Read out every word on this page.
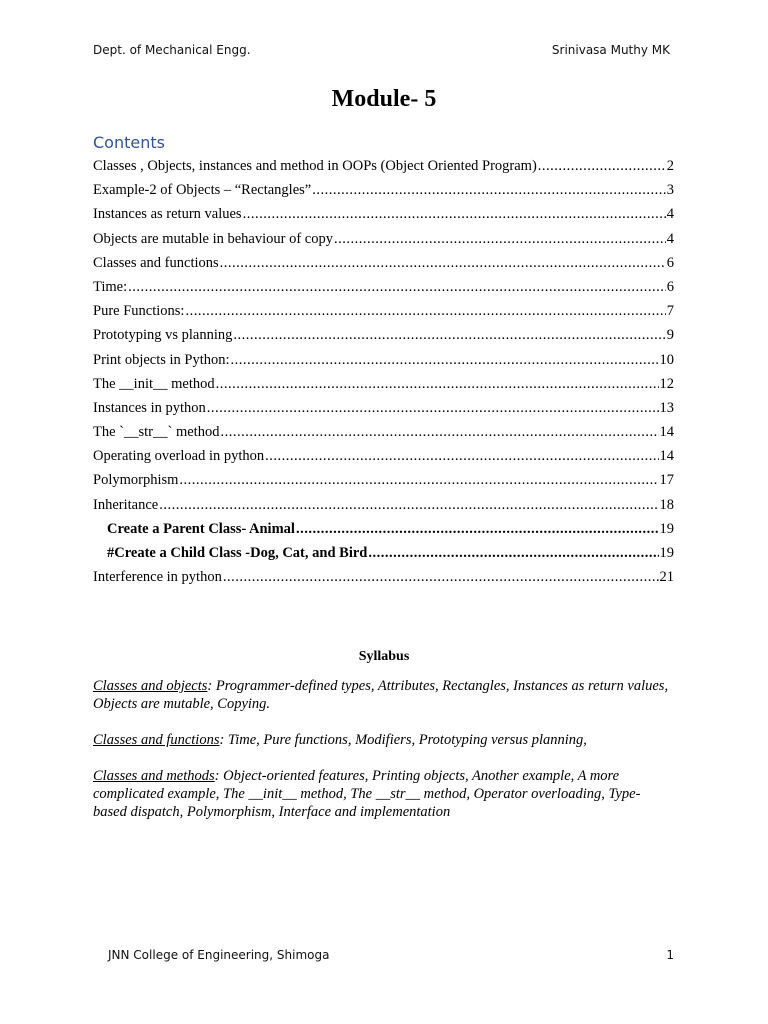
Dept. of Mechanical Engg.	Srinivasa Muthy MK
Module- 5
Contents
Classes , Objects, instances and method in OOPs (Object Oriented Program) .....	2
Example-2 of Objects – “Rectangles” .....	3
Instances as return values .....	4
Objects are mutable in behaviour of copy .....	4
Classes and functions .....	6
Time: .....	6
Pure Functions: .....	7
Prototyping vs planning .....	9
Print objects in Python: .....	10
The __init__ method .....	12
Instances in python .....	13
The `__str__` method .....	14
Operating overload in python .....	14
Polymorphism .....	17
Inheritance .....	18
Create a Parent Class- Animal .....	19
#Create a Child Class -Dog, Cat, and Bird .....	19
Interference in python .....	21
Syllabus
Classes and objects: Programmer-defined types, Attributes, Rectangles, Instances as return values, Objects are mutable, Copying.
Classes and functions: Time, Pure functions, Modifiers, Prototyping versus planning,
Classes and methods: Object-oriented features, Printing objects, Another example, A more complicated example, The __init__ method, The __str__ method, Operator overloading, Type-based dispatch, Polymorphism, Interface and implementation
JNN College of Engineering, Shimoga	1
